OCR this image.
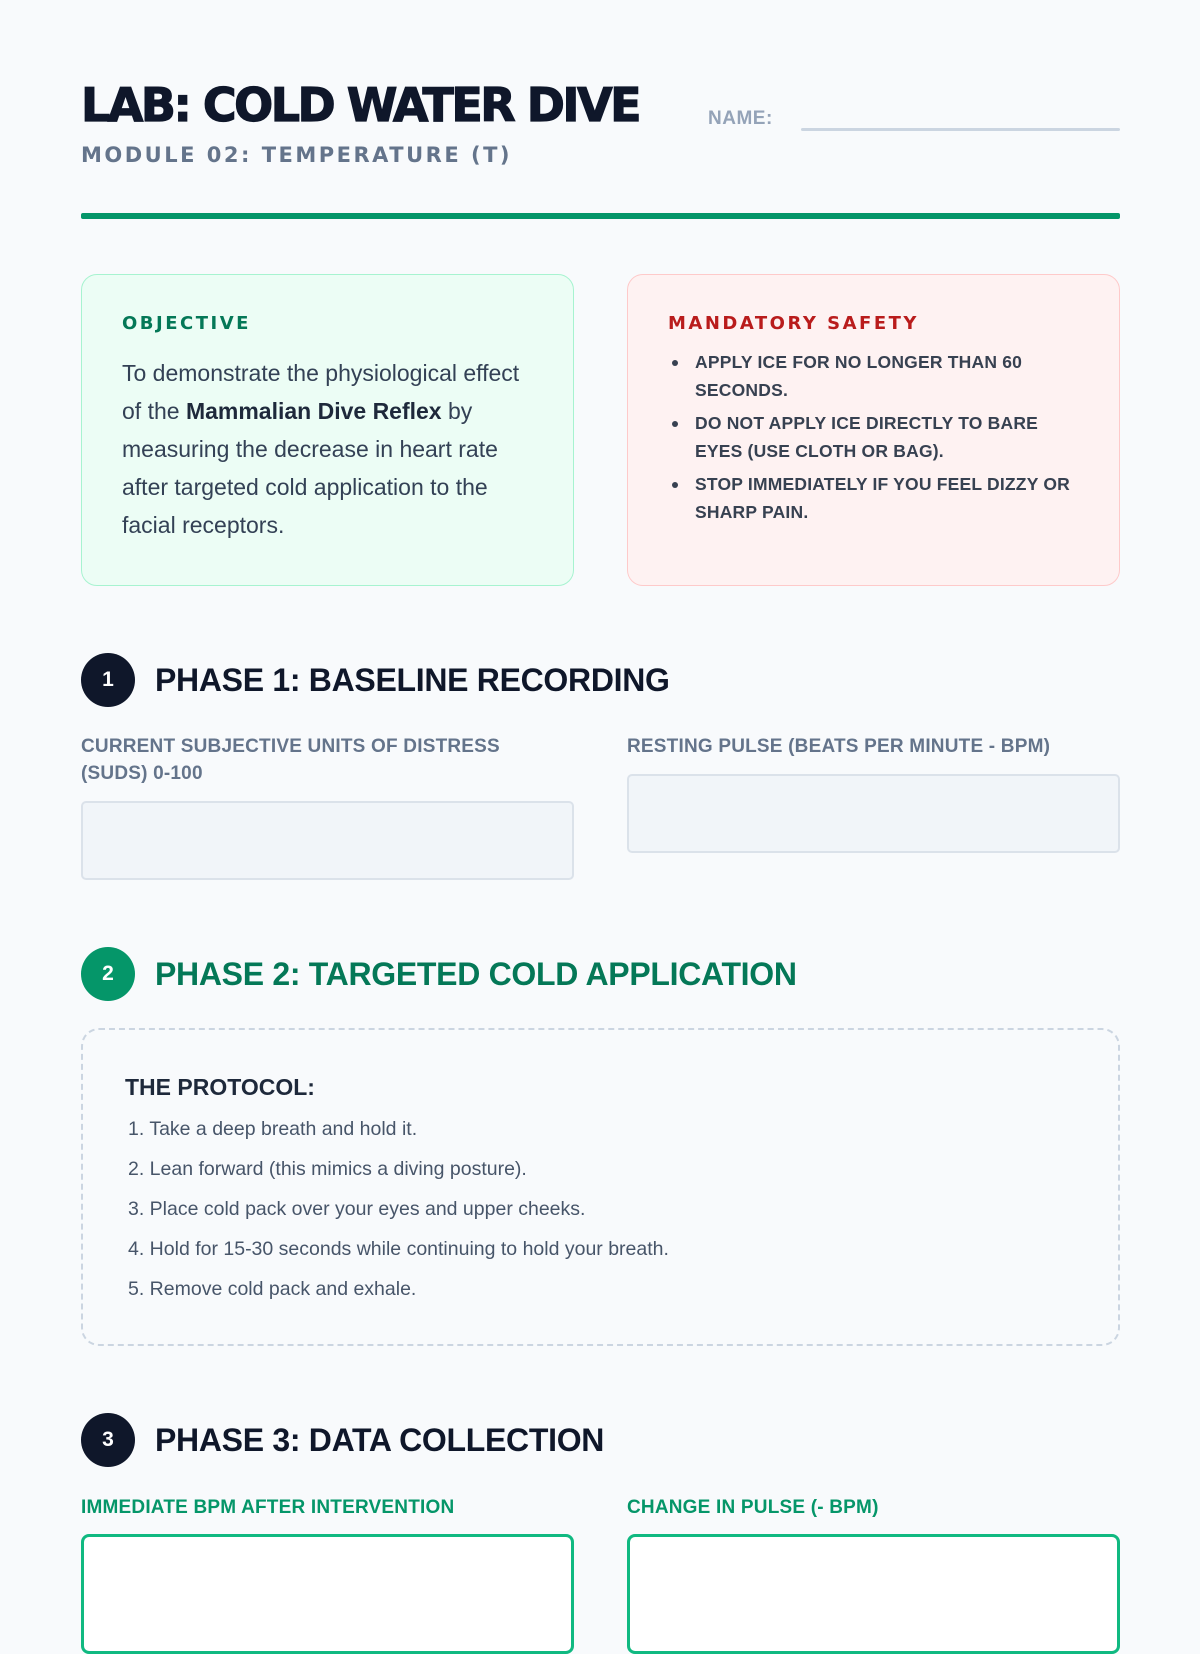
LAB: COLD WATER DIVE	NAME:
MODULE 02: TEMPERATURE (T)
OBJECTIVE

To demonstrate the physiological effect of the Mammalian Dive Reflex by measuring the decrease in heart rate after targeted cold application to the facial receptors.

MANDATORY SAFETY
APPLY ICE FOR NO LONGER THAN 60 SECONDS.
DO NOT APPLY ICE DIRECTLY TO BARE EYES (USE CLOTH OR BAG).
STOP IMMEDIATELY IF YOU FEEL DIZZY OR SHARP PAIN.
1	PHASE 1: BASELINE RECORDING
CURRENT SUBJECTIVE UNITS OF DISTRESS (SUDS) 0-100
RESTING PULSE (BEATS PER MINUTE - BPM)
2	PHASE 2: TARGETED COLD APPLICATION
THE PROTOCOL:
1. Take a deep breath and hold it.
2. Lean forward (this mimics a diving posture).
3. Place cold pack over your eyes and upper cheeks.
4. Hold for 15-30 seconds while continuing to hold your breath.
5. Remove cold pack and exhale.
3	PHASE 3: DATA COLLECTION
IMMEDIATE BPM AFTER INTERVENTION	CHANGE IN PULSE (- BPM)
